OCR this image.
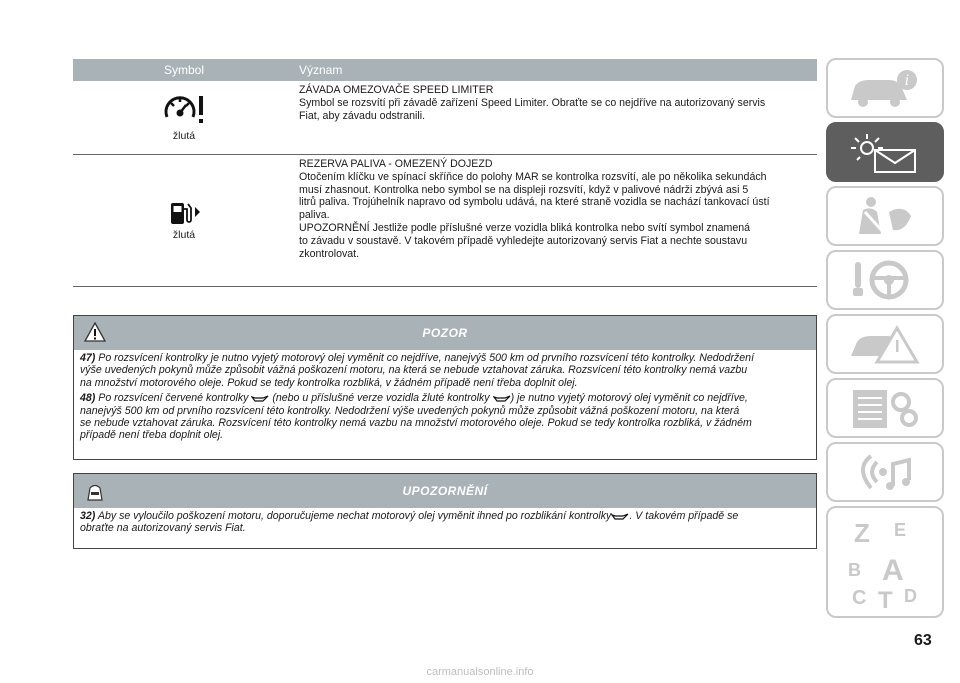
Symbol	Význam
žlutá
ZÁVADA OMEZOVAČE SPEED LIMITER
Symbol se rozsvítí při závadě zařízení Speed Limiter. Obraťte se co nejdříve na autorizovaný servis
Fiat, aby závadu odstranili.
žlutá
REZERVA PALIVA - OMEZENÝ DOJEZD
Otočením klíčku ve spínací skříňce do polohy MAR se kontrolka rozsvítí, ale po několika sekundách
musí zhasnout. Kontrolka nebo symbol se na displeji rozsvítí, když v palivové nádrži zbývá asi 5
litrů paliva. Trojúhelník napravo od symbolu udává, na které straně vozidla se nachází tankovací ústí
paliva.
UPOZORNĚNÍ Jestliže podle příslušné verze vozidla bliká kontrolka nebo svítí symbol znamená
to závadu v soustavě. V takovém případě vyhledejte autorizovaný servis Fiat a nechte soustavu
zkontrolovat.
POZOR

47) Po rozsvícení kontrolky je nutno vyjetý motorový olej vyměnit co nejdříve, nanejvýš 500 km od prvního rozsvícení této kontrolky. Nedodržení
výše uvedených pokynů může způsobit vážná poškození motoru, na která se nebude vztahovat záruka. Rozsvícení této kontrolky nemá vazbu
na množství motorového oleje. Pokud se tedy kontrolka rozbliká, v žádném případě není třeba doplnit olej.

48) Po rozsvícení červené kontrolky (nebo u příslušné verze vozidla žluté kontrolky ) je nutno vyjetý motorový olej vyměnit co nejdříve,
nanejvýš 500 km od prvního rozsvícení této kontrolky. Nedodržení výše uvedených pokynů může způsobit vážná poškození motoru, na která
se nebude vztahovat záruka. Rozsvícení této kontrolky nemá vazbu na množství motorového oleje. Pokud se tedy kontrolka rozbliká, v žádném
případě není třeba doplnit olej.

UPOZORNĚNÍ

32) Aby se vyloučilo poškození motoru, doporučujeme nechat motorový olej vyměnit ihned po rozblikání kontrolky . V takovém případě se
obraťte na autorizovaný servis Fiat.

i
Z E
B A
C T D
63
carmanualsonline.info
